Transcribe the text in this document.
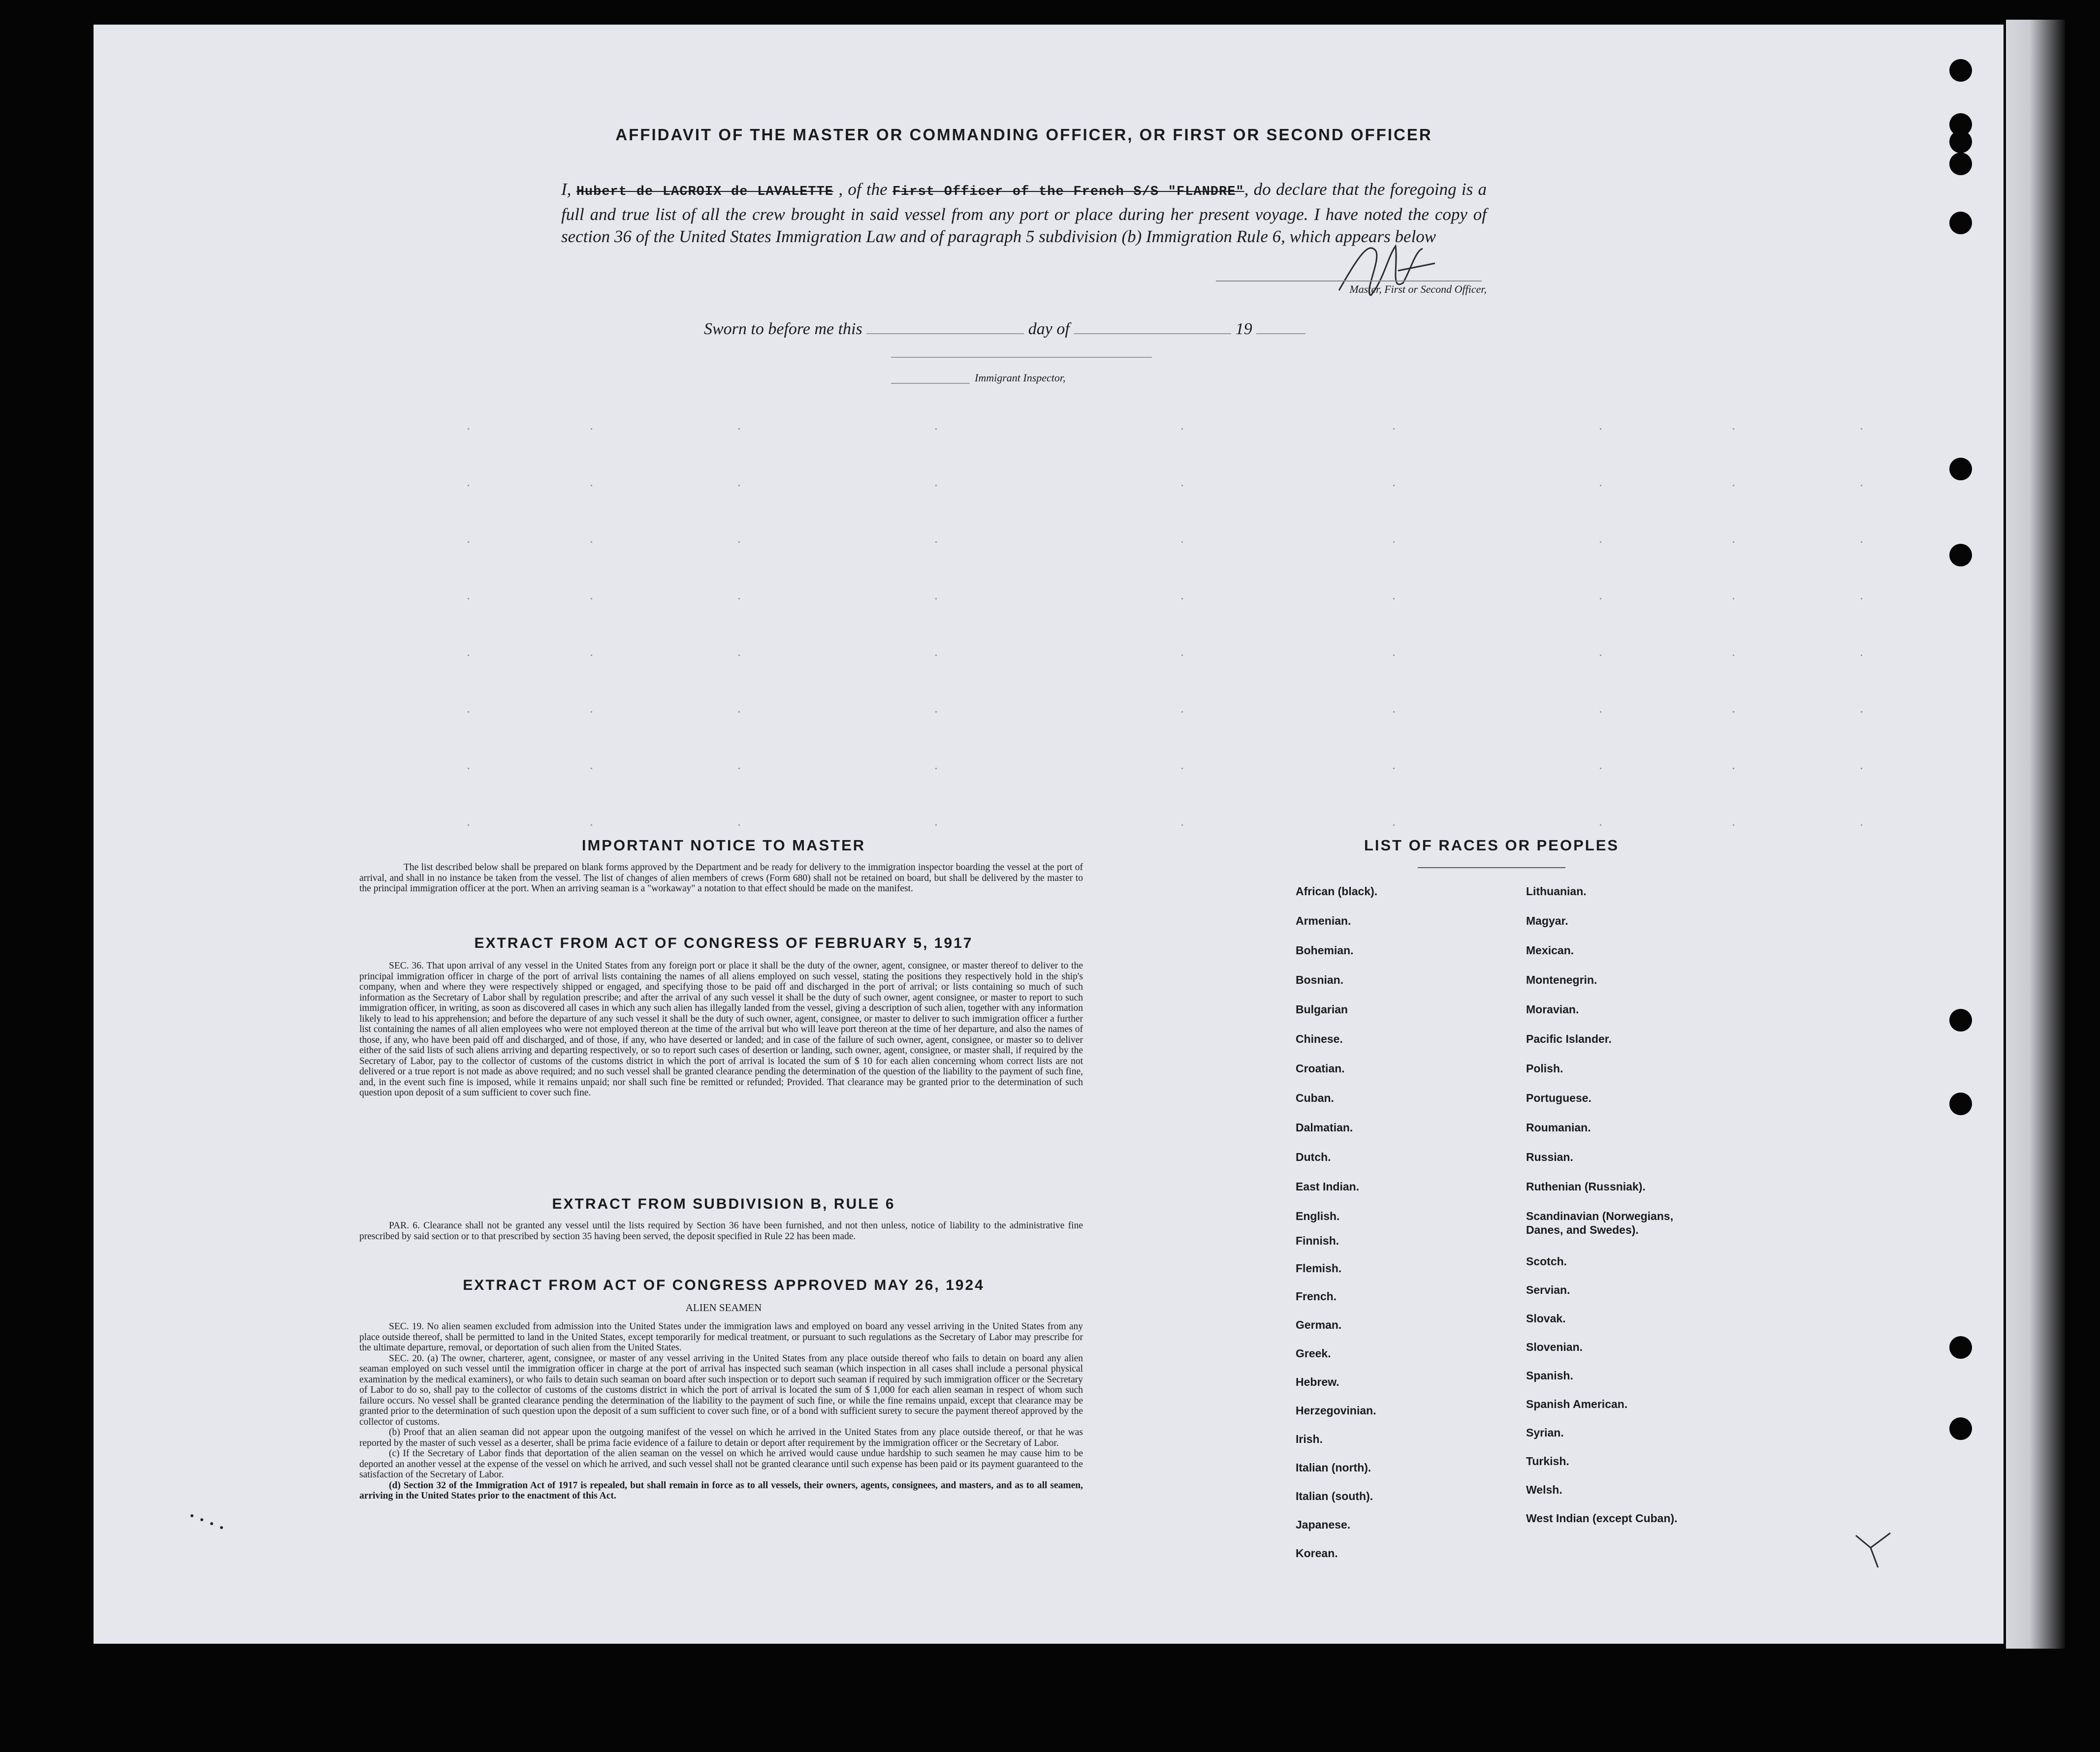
AFFIDAVIT OF THE MASTER OR COMMANDING OFFICER, OR FIRST OR SECOND OFFICER
I, Hubert de LACROIX de LAVALETTE , of the First Officer of the French S/S "FLANDRE", do declare that the foregoing is a full and true list of all the crew brought in said vessel from any port or place during her present voyage. I have noted the copy of section 36 of the United States Immigration Law and of paragraph 5 subdivision (b) Immigration Rule 6, which appears below
Master, First or Second Officer,
Sworn to before me this	day of	19
Immigrant Inspector,
IMPORTANT NOTICE TO MASTER
The list described below shall be prepared on blank forms approved by the Department and be ready for delivery to the immigration inspector boarding the vessel at the port of arrival, and shall in no instance be taken from the vessel. The list of changes of alien members of crews (Form 680) shall not be retained on board, but shall be delivered by the master to the principal immigration officer at the port. When an arriving seaman is a "workaway" a notation to that effect should be made on the manifest.
EXTRACT FROM ACT OF CONGRESS OF FEBRUARY 5, 1917

SEC. 36. That upon arrival of any vessel in the United States from any foreign port or place it shall be the duty of the owner, agent, consignee, or master thereof to deliver to the principal immigration officer in charge of the port of arrival lists containing the names of all aliens employed on such vessel, stating the positions they respectively hold in the ship's company, when and where they were respectively shipped or engaged, and specifying those to be paid off and discharged in the port of arrival; or lists containing so much of such information as the Secretary of Labor shall by regulation prescribe; and after the arrival of any such vessel it shall be the duty of such owner, agent consignee, or master to report to such immigration officer, in writing, as soon as discovered all cases in which any such alien has illegally landed from the vessel, giving a description of such alien, together with any information likely to lead to his apprehension; and before the departure of any such vessel it shall be the duty of such owner, agent, consignee, or master to deliver to such immigration officer a further list containing the names of all alien employees who were not employed thereon at the time of the arrival but who will leave port thereon at the time of her departure, and also the names of those, if any, who have been paid off and discharged, and of those, if any, who have deserted or landed; and in case of the failure of such owner, agent, consignee, or master so to deliver either of the said lists of such aliens arriving and departing respectively, or so to report such cases of desertion or landing, such owner, agent, consignee, or master shall, if required by the Secretary of Labor, pay to the collector of customs of the customs district in which the port of arrival is located the sum of $ 10 for each alien concerning whom correct lists are not delivered or a true report is not made as above required; and no such vessel shall be granted clearance pending the determination of the question of the liability to the payment of such fine, and, in the event such fine is imposed, while it remains unpaid; nor shall such fine be remitted or refunded; Provided. That clearance may be granted prior to the determination of such question upon deposit of a sum sufficient to cover such fine.

EXTRACT FROM SUBDIVISION B, RULE 6

PAR. 6. Clearance shall not be granted any vessel until the lists required by Section 36 have been furnished, and not then unless, notice of liability to the administrative fine prescribed by said section or to that prescribed by section 35 having been served, the deposit specified in Rule 22 has been made.

EXTRACT FROM ACT OF CONGRESS APPROVED MAY 26, 1924
ALIEN SEAMEN

SEC. 19. No alien seamen excluded from admission into the United States under the immigration laws and employed on board any vessel arriving in the United States from any place outside thereof, shall be permitted to land in the United States, except temporarily for medical treatment, or pursuant to such regulations as the Secretary of Labor may prescribe for the ultimate departure, removal, or deportation of such alien from the United States.

SEC. 20. (a) The owner, charterer, agent, consignee, or master of any vessel arriving in the United States from any place outside thereof who fails to detain on board any alien seaman employed on such vessel until the immigration officer in charge at the port of arrival has inspected such seaman (which inspection in all cases shall include a personal physical examination by the medical examiners), or who fails to detain such seaman on board after such inspection or to deport such seaman if required by such immigration officer or the Secretary of Labor to do so, shall pay to the collector of customs of the customs district in which the port of arrival is located the sum of $ 1,000 for each alien seaman in respect of whom such failure occurs. No vessel shall be granted clearance pending the determination of the liability to the payment of such fine, or while the fine remains unpaid, except that clearance may be granted prior to the determination of such question upon the deposit of a sum sufficient to cover such fine, or of a bond with sufficient surety to secure the payment thereof approved by the collector of customs.

(b) Proof that an alien seaman did not appear upon the outgoing manifest of the vessel on which he arrived in the United States from any place outside thereof, or that he was reported by the master of such vessel as a deserter, shall be prima facie evidence of a failure to detain or deport after requirement by the immigration officer or the Secretary of Labor.

(c) If the Secretary of Labor finds that deportation of the alien seaman on the vessel on which he arrived would cause undue hardship to such seamen he may cause him to be deported an another vessel at the expense of the vessel on which he arrived, and such vessel shall not be granted clearance until such expense has been paid or its payment guaranteed to the satisfaction of the Secretary of Labor.

(d) Section 32 of the Immigration Act of 1917 is repealed, but shall remain in force as to all vessels, their owners, agents, consignees, and masters, and as to all seamen, arriving in the United States prior to the enactment of this Act.

LIST OF RACES OR PEOPLES
African (black).
Armenian.
Bohemian.
Bosnian.
Bulgarian
Chinese.
Croatian.
Cuban.
Dalmatian.
Dutch.
East Indian.
English.
Finnish.
Flemish.
French.
German.
Greek.
Hebrew.
Herzegovinian.
Irish.
Italian (north).
Italian (south).
Japanese.
Korean.
Lithuanian.
Magyar.
Mexican.
Montenegrin.
Moravian.
Pacific Islander.
Polish.
Portuguese.
Roumanian.
Russian.
Ruthenian (Russniak).
Scandinavian (Norwegians, Danes, and Swedes).
Scotch.
Servian.
Slovak.
Slovenian.
Spanish.
Spanish American.
Syrian.
Turkish.
Welsh.
West Indian (except Cuban).
